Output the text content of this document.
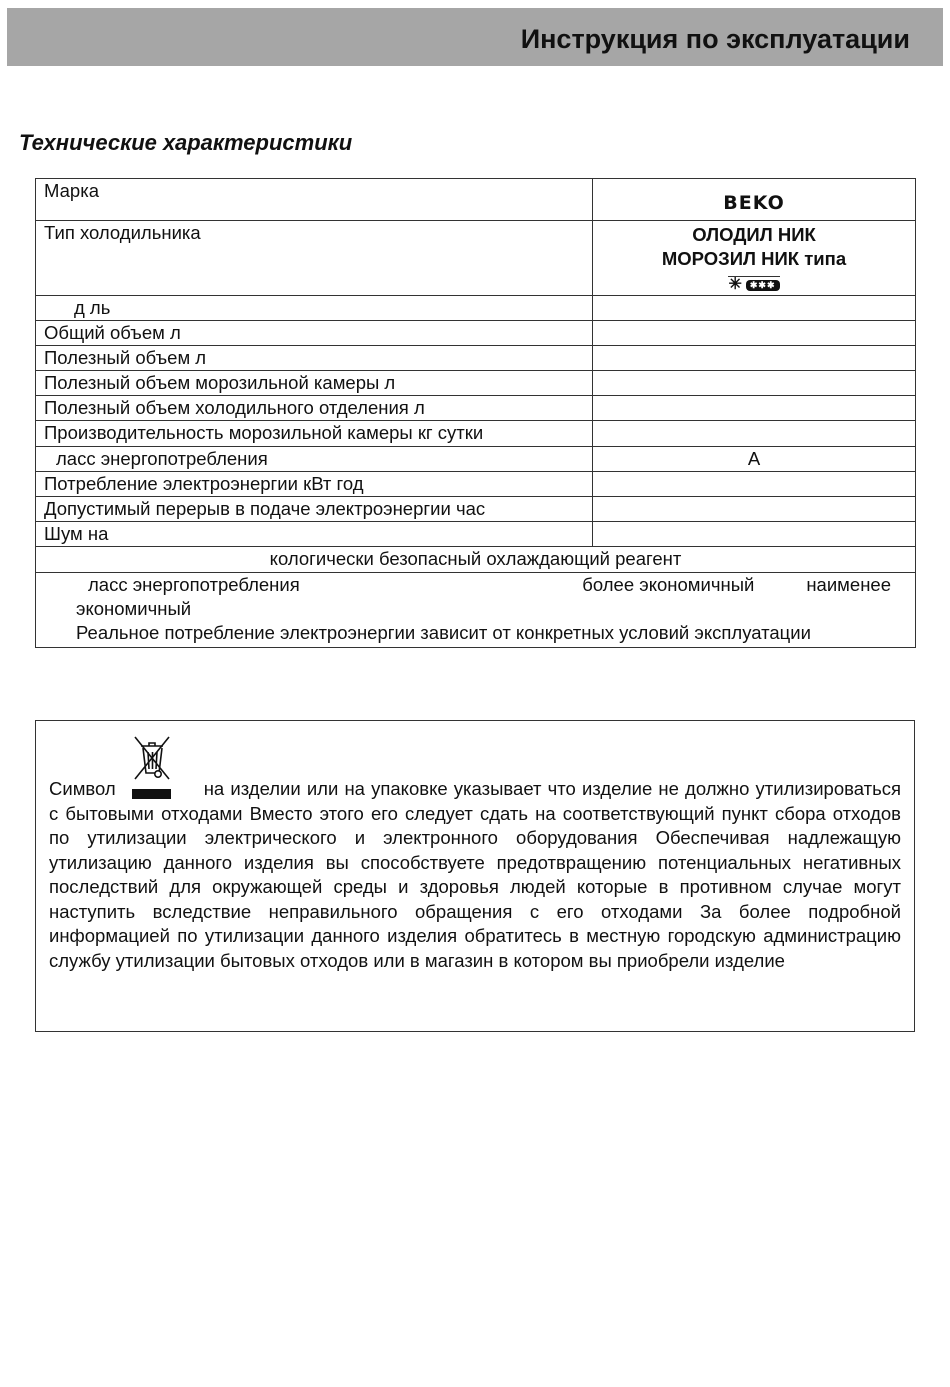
Инструкция по эксплуатации
Технические характеристики
Марка	BEKO
Тип холодильника	ОЛОДИЛ НИК
МОРОЗИЛ НИК типа
✳ ✱✱✱

д ль	
Общий объем л	
Полезный объем л	
Полезный объем морозильной камеры л	
Полезный объем холодильного отделения л	
Производительность морозильной камеры кг сутки	
ласс энергопотребления	А
Потребление электроэнергии кВт год	
Допустимый перерыв в подаче электроэнергии час	
Шум на	
кологически безопасный охлаждающий реагент	

ласс энергопотребления более экономичный наименее
экономичный
Реальное потребление электроэнергии зависит от конкретных условий эксплуатации	

Символ	на изделии или на упаковке указывает что изделие не должно утилизироваться с бытовыми отходами Вместо этого его следует сдать на соответствующий пункт сбора отходов по утилизации электрического и электронного оборудования Обеспечивая надлежащую утилизацию данного изделия вы способствуете предотвращению потенциальных негативных последствий для окружающей среды и здоровья людей которые в противном случае могут наступить вследствие неправильного обращения с его отходами За более подробной информацией по утилизации данного изделия обратитесь в местную городскую администрацию службу утилизации бытовых отходов или в магазин в котором вы приобрели изделие
